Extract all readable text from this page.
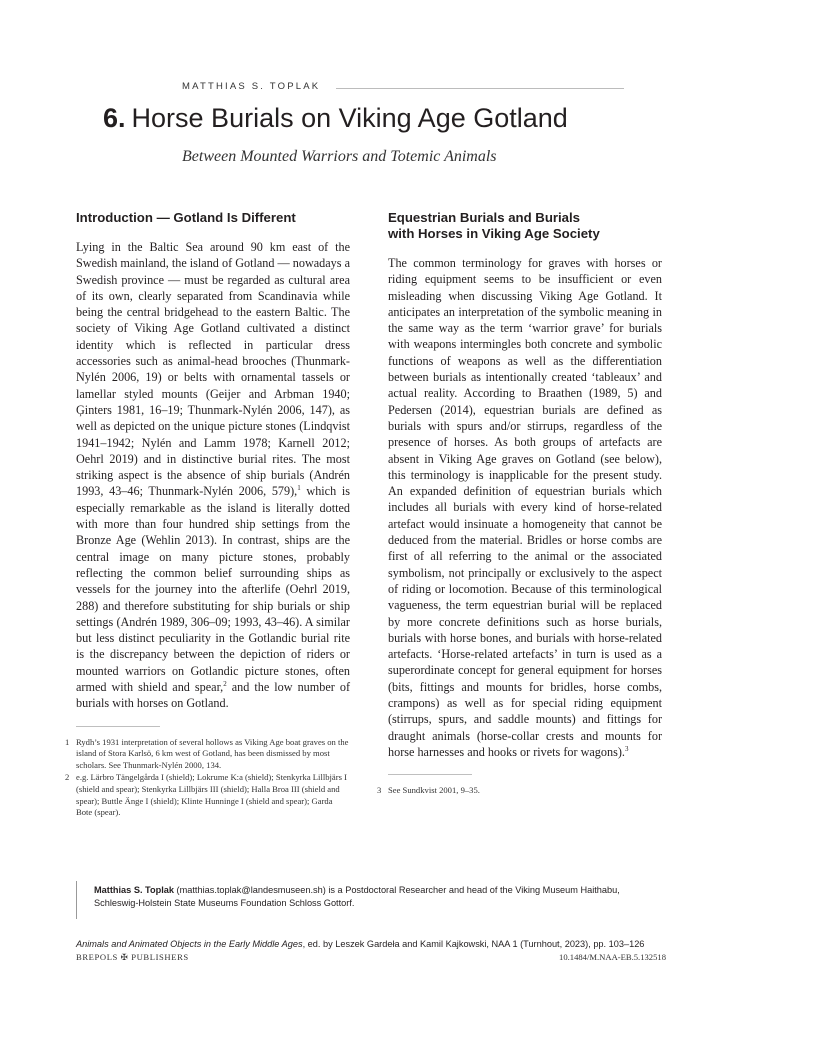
MATTHIAS S. TOPLAK
6. Horse Burials on Viking Age Gotland
Between Mounted Warriors and Totemic Animals
Introduction — Gotland Is Different

Lying in the Baltic Sea around 90 km east of the Swedish mainland, the island of Gotland — nowadays a Swedish province — must be regarded as cultural area of its own, clearly separated from Scandinavia while being the central bridgehead to the eastern Baltic. The society of Viking Age Gotland cultivated a distinct identity which is reflected in particular dress accessories such as animal-head brooches (Thunmark-Nylén 2006, 19) or belts with ornamental tassels or lamellar styled mounts (Geijer and Arbman 1940; Ģinters 1981, 16–19; Thunmark-Nylén 2006, 147), as well as depicted on the unique picture stones (Lindqvist 1941–1942; Nylén and Lamm 1978; Karnell 2012; Oehrl 2019) and in distinctive burial rites. The most striking aspect is the absence of ship burials (Andrén 1993, 43–46; Thunmark-Nylén 2006, 579),$^1$ which is especially remarkable as the island is literally dotted with more than four hundred ship settings from the Bronze Age (Wehlin 2013). In contrast, ships are the central image on many picture stones, probably reflecting the common belief surrounding ships as vessels for the journey into the afterlife (Oehrl 2019, 288) and therefore substituting for ship burials or ship settings (Andrén 1989, 306–09; 1993, 43–46). A similar but less distinct peculiarity in the Gotlandic burial rite is the discrepancy between the depiction of riders or mounted warriors on Gotlandic picture stones, often armed with shield and spear,$^2$ and the low number of burials with horses on Gotland.

1 Rydh’s 1931 interpretation of several hollows as Viking Age boat graves on the island of Stora Karlsö, 6 km west of Gotland, has been dismissed by most scholars. See Thunmark-Nylén 2000, 134.
2 e.g. Lärbro Tängelgårda I (shield); Lokrume K:a (shield); Stenkyrka Lillbjärs I (shield and spear); Stenkyrka Lillbjärs III (shield); Halla Broa III (shield and spear); Buttle Änge I (shield); Klinte Hunninge I (shield and spear); Garda Bote (spear).
Equestrian Burials and Burials
with Horses in Viking Age Society

The common terminology for graves with horses or riding equipment seems to be insufficient or even misleading when discussing Viking Age Gotland. It anticipates an interpretation of the symbolic meaning in the same way as the term ‘warrior grave’ for burials with weapons intermingles both concrete and symbolic functions of weapons as well as the differentiation between burials as intentionally created ‘tableaux’ and actual reality. According to Braathen (1989, 5) and Pedersen (2014), equestrian burials are defined as burials with spurs and/or stirrups, regardless of the presence of horses. As both groups of artefacts are absent in Viking Age graves on Gotland (see below), this terminology is inapplicable for the present study. An expanded definition of equestrian burials which includes all burials with every kind of horse-related artefact would insinuate a homogeneity that cannot be deduced from the material. Bridles or horse combs are first of all referring to the animal or the associated symbolism, not principally or exclusively to the aspect of riding or locomotion. Because of this terminological vagueness, the term equestrian burial will be replaced by more concrete definitions such as horse burials, burials with horse bones, and burials with horse-related artefacts. ‘Horse-related artefacts’ in turn is used as a superordinate concept for general equipment for horses (bits, fittings and mounts for bridles, horse combs, crampons) as well as for special riding equipment (stirrups, spurs, and saddle mounts) and fittings for draught animals (horse-collar crests and mounts for horse harnesses and hooks or rivets for wagons).$^3$

3 See Sundkvist 2001, 9–35.
Matthias S. Toplak (matthias.toplak@landesmuseen.sh) is a Postdoctoral Researcher and head of the Viking Museum Haithabu, Schleswig-Holstein State Museums Foundation Schloss Gottorf.
Animals and Animated Objects in the Early Middle Ages, ed. by Leszek Gardeła and Kamil Kajkowski, NAA 1 (Turnhout, 2023), pp. 103–126
BREPOLS ✠ PUBLISHERS	10.1484/M.NAA-EB.5.132518
